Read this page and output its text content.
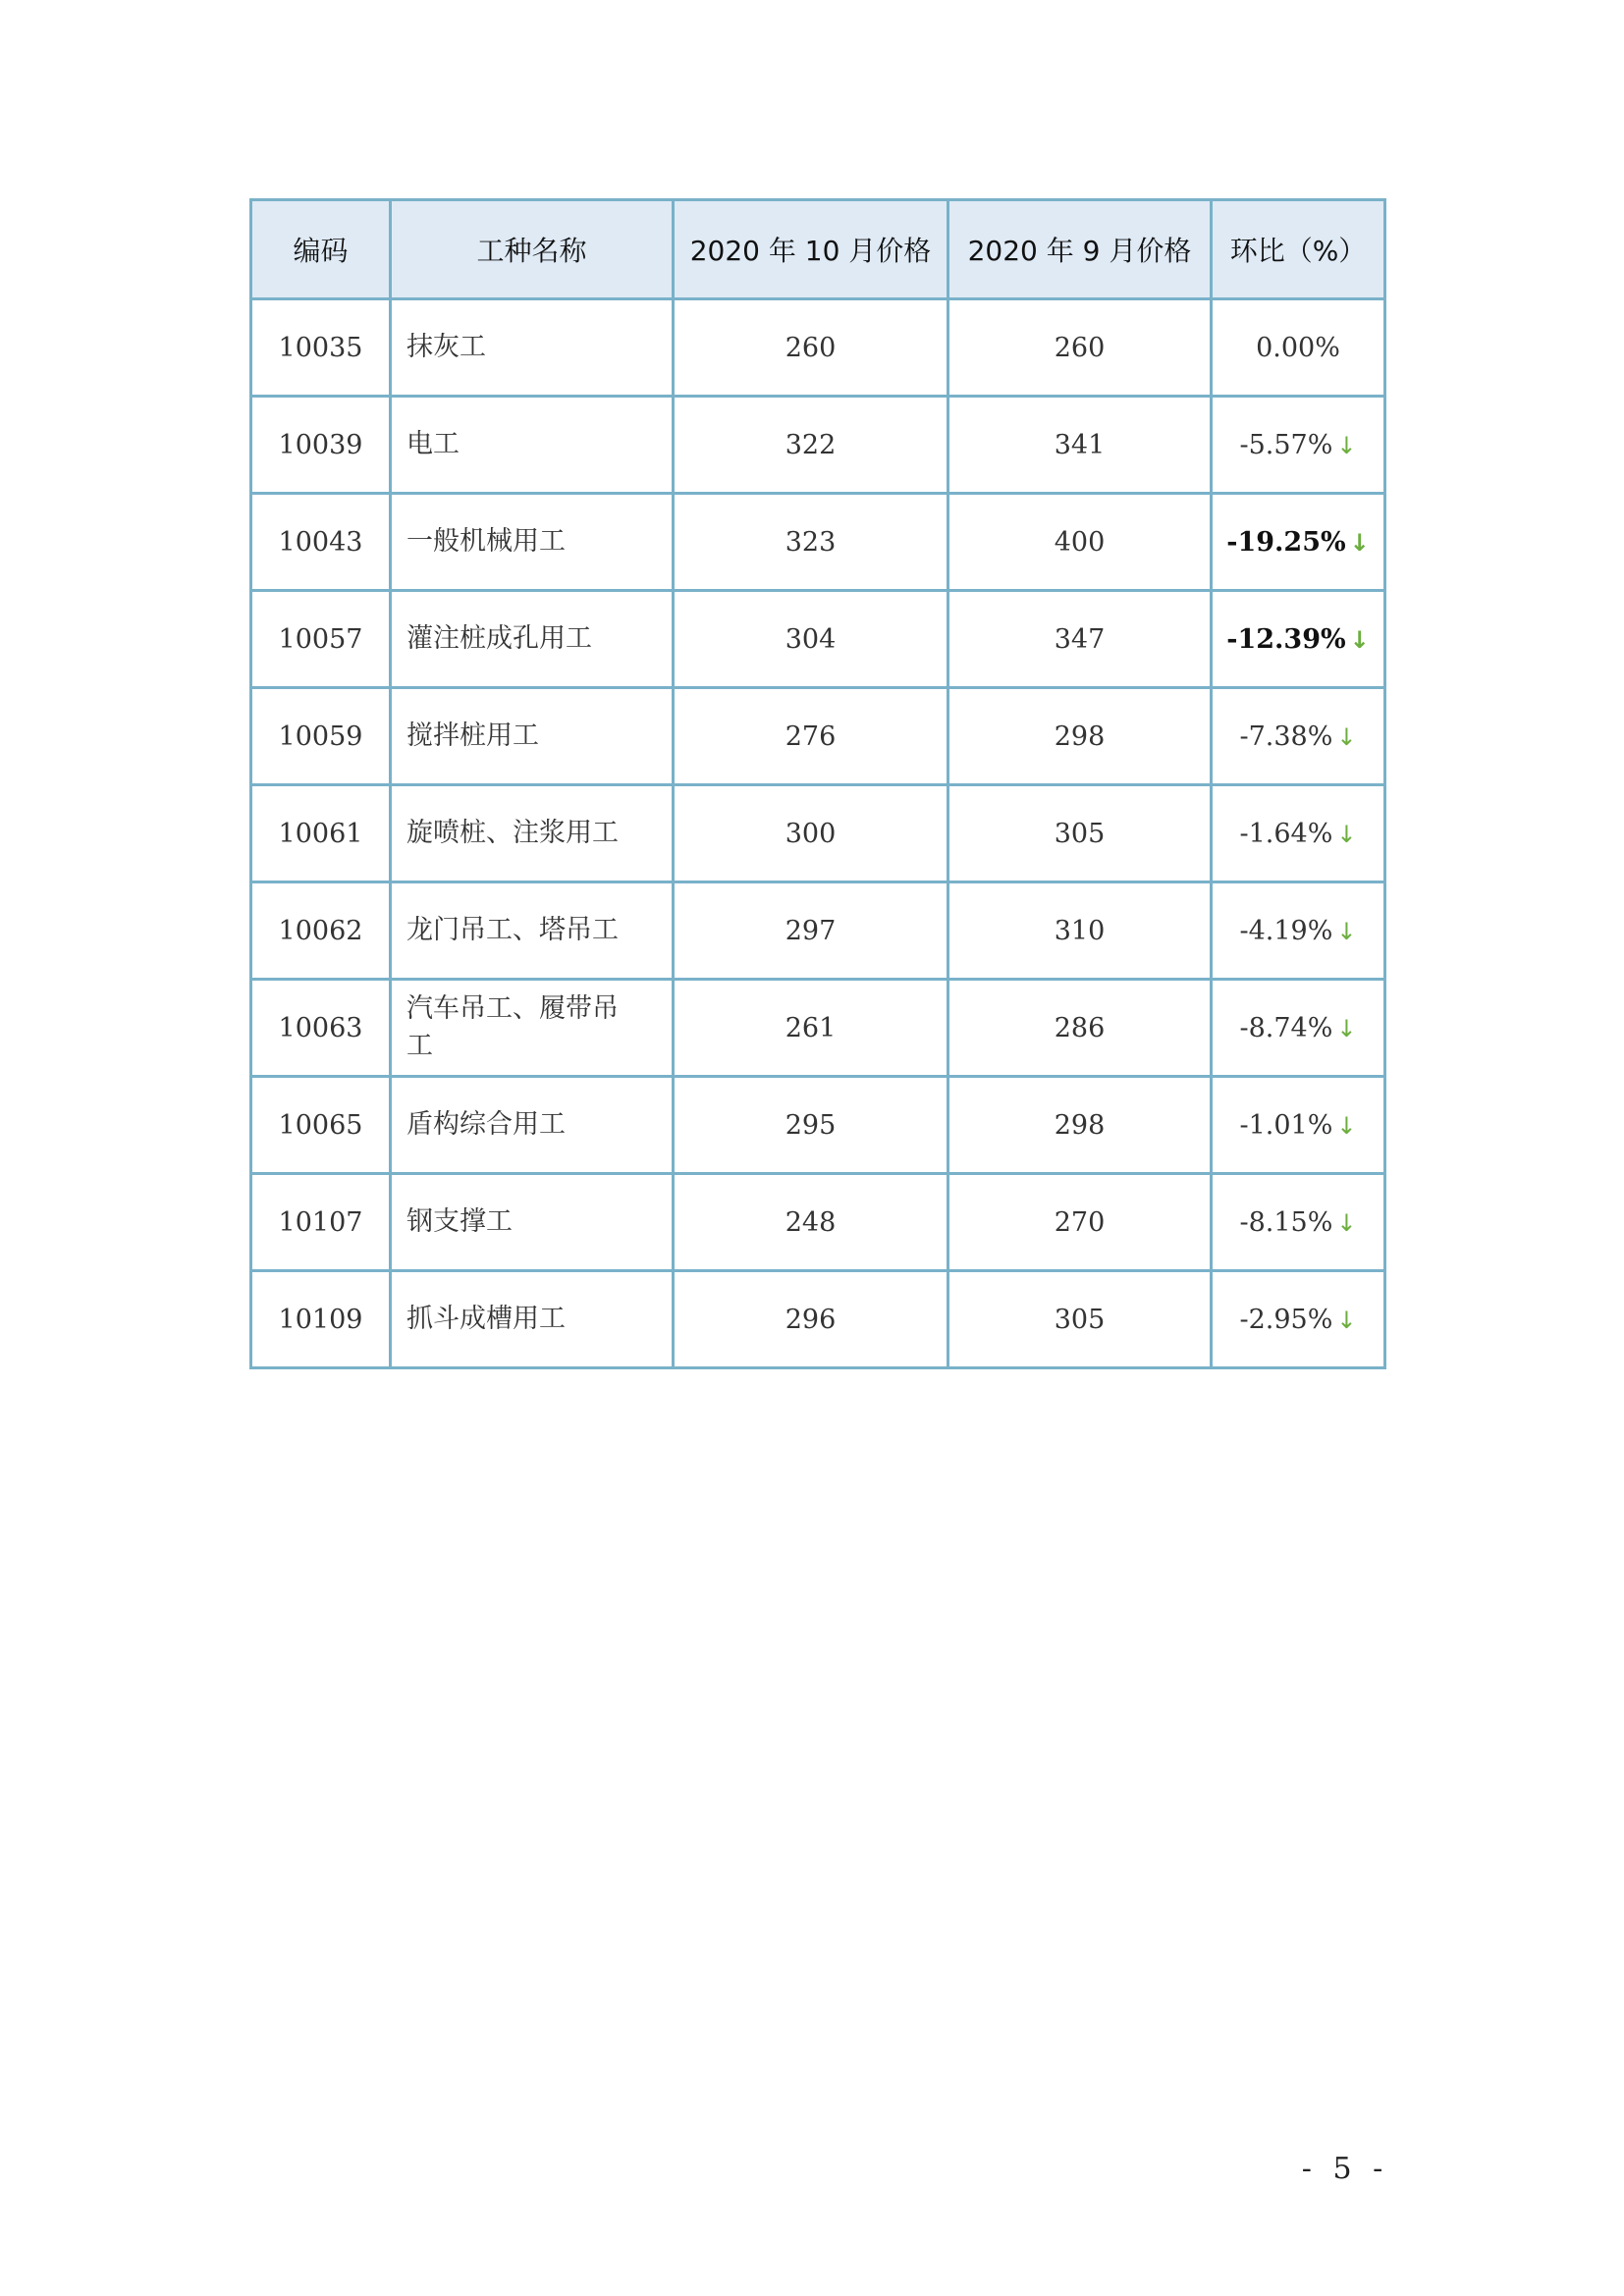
编码	工种名称	2020 年 10 月价格	2020 年 9 月价格	环比（%）
10035	抹灰工	260	260	0.00%
10039	电工	322	341	-5.57% ↓
10043	一般机械用工	323	400	-19.25% ↓
10057	灌注桩成孔用工	304	347	-12.39% ↓
10059	搅拌桩用工	276	298	-7.38% ↓
10061	旋喷桩、注浆用工	300	305	-1.64% ↓
10062	龙门吊工、塔吊工	297	310	-4.19% ↓
10063	汽车吊工、履带吊工	261	286	-8.74% ↓
10065	盾构综合用工	295	298	-1.01% ↓
10107	钢支撑工	248	270	-8.15% ↓
10109	抓斗成槽用工	296	305	-2.95% ↓
- 5 -
